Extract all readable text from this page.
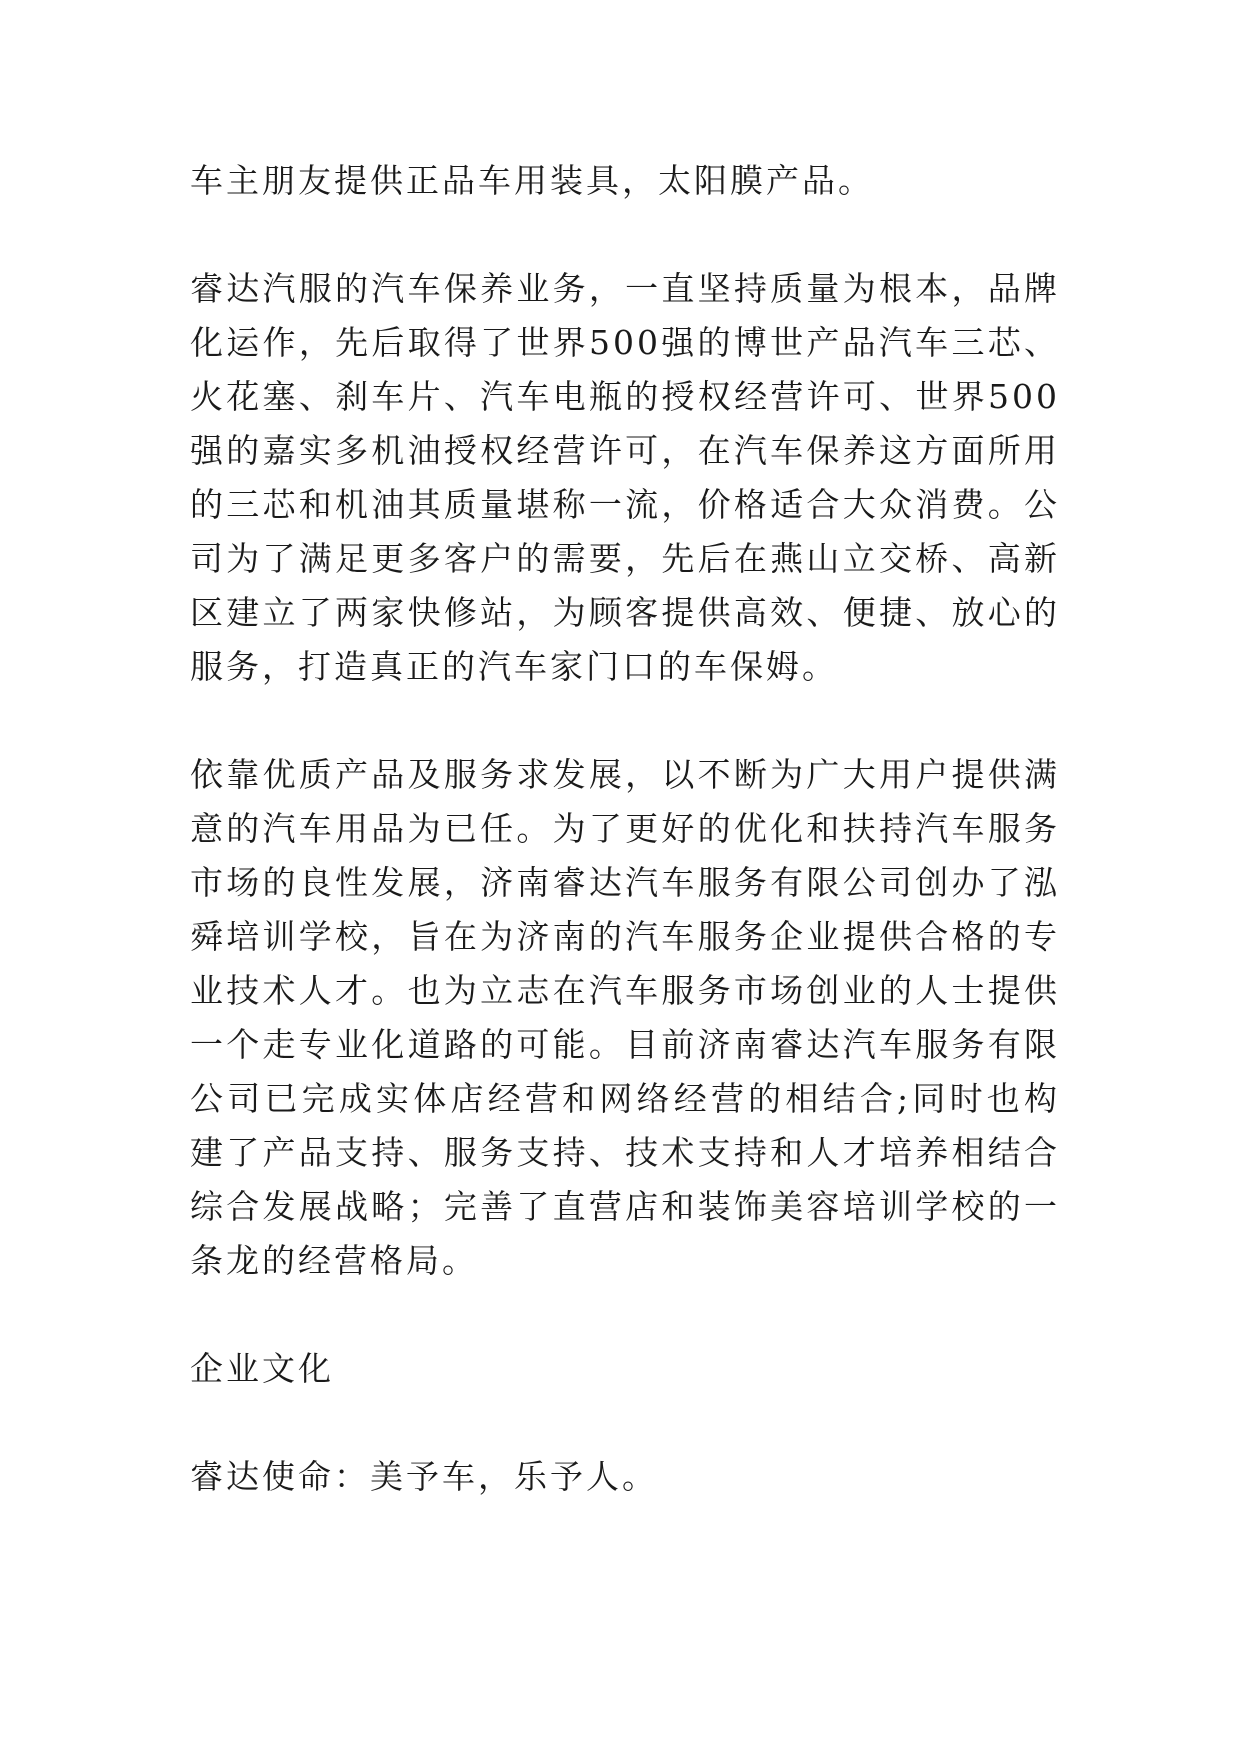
车主朋友提供正品车用装具，太阳膜产品。

睿达汽服的汽车保养业务，一直坚持质量为根本，品牌化运作，先后取得了世界500强的博世产品汽车三芯、火花塞、刹车片、汽车电瓶的授权经营许可、世界500强的嘉实多机油授权经营许可，在汽车保养这方面所用的三芯和机油其质量堪称一流，价格适合大众消费。公司为了满足更多客户的需要，先后在燕山立交桥、高新区建立了两家快修站，为顾客提供高效、便捷、放心的服务，打造真正的汽车家门口的车保姆。

依靠优质产品及服务求发展，以不断为广大用户提供满意的汽车用品为已任。为了更好的优化和扶持汽车服务市场的良性发展，济南睿达汽车服务有限公司创办了泓舜培训学校，旨在为济南的汽车服务企业提供合格的专业技术人才。也为立志在汽车服务市场创业的人士提供一个走专业化道路的可能。目前济南睿达汽车服务有限公司已完成实体店经营和网络经营的相结合;同时也构建了产品支持、服务支持、技术支持和人才培养相结合综合发展战略；完善了直营店和装饰美容培训学校的一条龙的经营格局。

企业文化

睿达使命：美予车，乐予人。
